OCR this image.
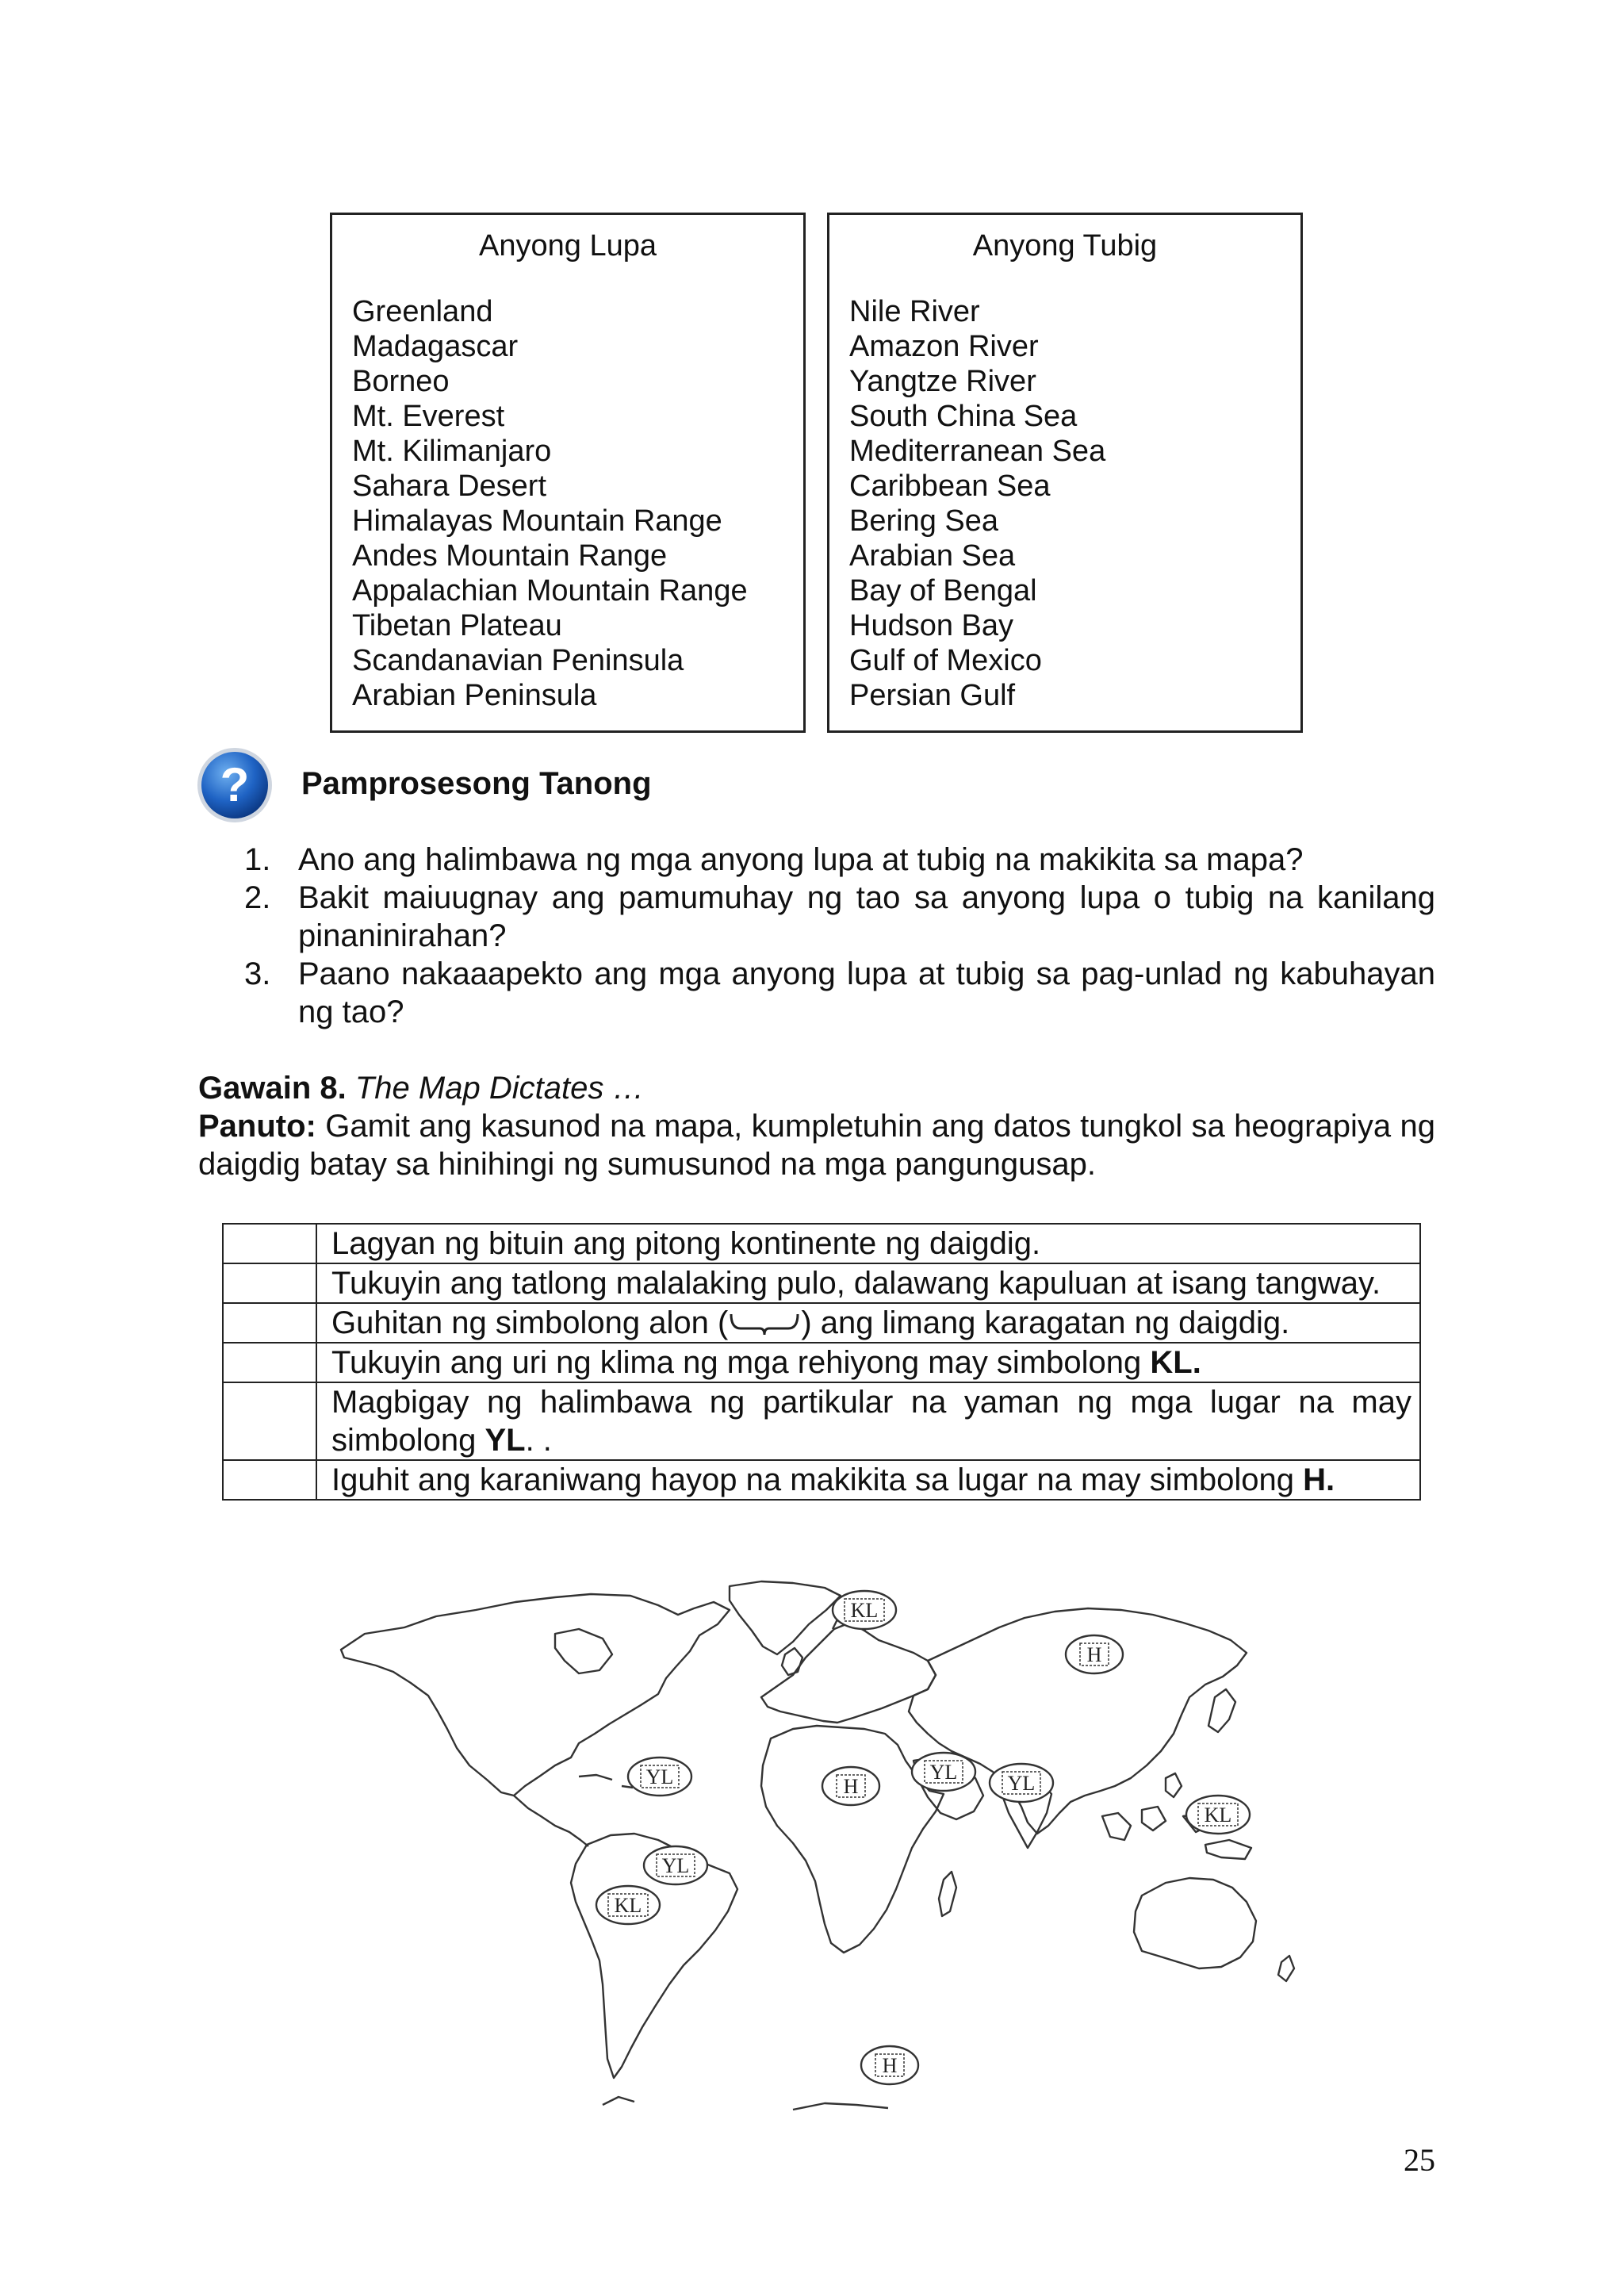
Anyong Lupa
Greenland
Madagascar
Borneo
Mt. Everest
Mt. Kilimanjaro
Sahara Desert
Himalayas Mountain Range
Andes Mountain Range
Appalachian Mountain Range
Tibetan Plateau
Scandanavian Peninsula
Arabian Peninsula
Anyong Tubig
Nile River
Amazon River
Yangtze River
South China Sea
Mediterranean Sea
Caribbean Sea
Bering Sea
Arabian Sea
Bay of Bengal
Hudson Bay
Gulf of Mexico
Persian Gulf
? Pamprosesong Tanong
1. Ano ang halimbawa ng mga anyong lupa at tubig na makikita sa mapa?
2. Bakit maiuugnay ang pamumuhay ng tao sa anyong lupa o tubig na kanilang pinaninirahan?
3. Paano nakaaapekto ang mga anyong lupa at tubig sa pag-unlad ng kabuhayan ng tao?
Gawain 8. The Map Dictates …
Panuto: Gamit ang kasunod na mapa, kumpletuhin ang datos tungkol sa heograpiya ng daigdig batay sa hinihingi ng sumusunod na mga pangungusap.
	Lagyan ng bituin ang pitong kontinente ng daigdig.
	Tukuyin ang tatlong malalaking pulo, dalawang kapuluan at isang tangway.
	Guhitan ng simbolong alon ( ) ang limang karagatan ng daigdig.
	Tukuyin ang uri ng klima ng mga rehiyong may simbolong KL.
	Magbigay ng halimbawa ng partikular na yaman ng mga lugar na may simbolong YL. .
	Iguhit ang karaniwang hayop na makikita sa lugar na may simbolong H.
KL
H
YL	H
YL YL
KL
YL
KL
H
25
